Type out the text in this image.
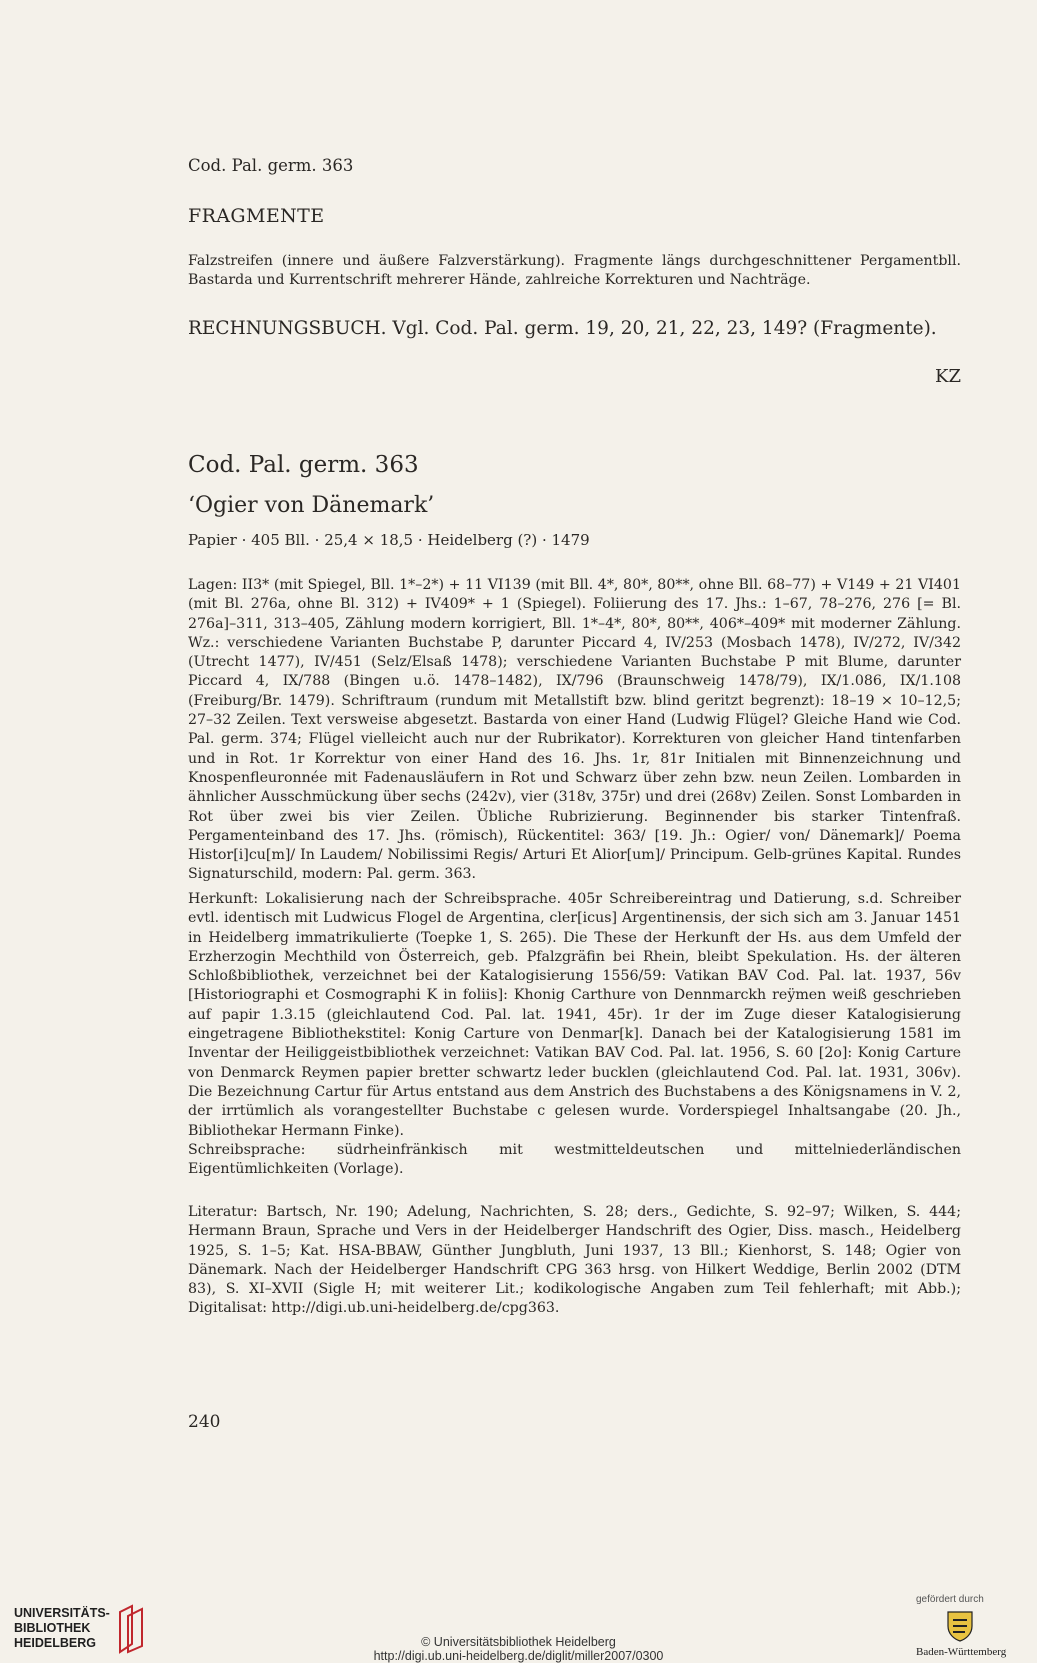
Cod. Pal. germ. 363
FRAGMENTE
Falzstreifen (innere und äußere Falzverstärkung). Fragmente längs durchgeschnittener Pergamentbll. Bastarda und Kurrentschrift mehrerer Hände, zahlreiche Korrekturen und Nachträge.
RECHNUNGSBUCH. Vgl. Cod. Pal. germ. 19, 20, 21, 22, 23, 149? (Fragmente).
KZ
Cod. Pal. germ. 363
‘Ogier von Dänemark’
Papier · 405 Bll. · 25,4 × 18,5 · Heidelberg (?) · 1479
Lagen: II3* (mit Spiegel, Bll. 1*–2*) + 11 VI139 (mit Bll. 4*, 80*, 80**, ohne Bll. 68–77) + V149 + 21 VI401 (mit Bl. 276a, ohne Bl. 312) + IV409* + 1 (Spiegel). Foliierung des 17. Jhs.: 1–67, 78–276, 276 [= Bl. 276a]–311, 313–405, Zählung modern korrigiert, Bll. 1*–4*, 80*, 80**, 406*–409* mit moderner Zählung. Wz.: verschiedene Varianten Buchstabe P, darunter Piccard 4, IV/253 (Mosbach 1478), IV/272, IV/342 (Utrecht 1477), IV/451 (Selz/Elsaß 1478); verschiedene Varianten Buchstabe P mit Blume, darunter Piccard 4, IX/788 (Bingen u.ö. 1478–1482), IX/796 (Braunschweig 1478/79), IX/1.086, IX/1.108 (Freiburg/Br. 1479). Schriftraum (rundum mit Metallstift bzw. blind geritzt begrenzt): 18–19 × 10–12,5; 27–32 Zeilen. Text versweise abgesetzt. Bastarda von einer Hand (Ludwig Flügel? Gleiche Hand wie Cod. Pal. germ. 374; Flügel vielleicht auch nur der Rubrikator). Korrekturen von gleicher Hand tintenfarben und in Rot. 1r Korrektur von einer Hand des 16. Jhs. 1r, 81r Initialen mit Binnenzeichnung und Knospenfleuronnée mit Fadenausläufern in Rot und Schwarz über zehn bzw. neun Zeilen. Lombarden in ähnlicher Ausschmückung über sechs (242v), vier (318v, 375r) und drei (268v) Zeilen. Sonst Lombarden in Rot über zwei bis vier Zeilen. Übliche Rubrizierung. Beginnender bis starker Tintenfraß. Pergamenteinband des 17. Jhs. (römisch), Rückentitel: 363/ [19. Jh.: Ogier/ von/ Dänemark]/ Poema Histor[i]cu[m]/ In Laudem/ Nobilissimi Regis/ Arturi Et Alior[um]/ Principum. Gelb-grünes Kapital. Rundes Signaturschild, modern: Pal. germ. 363.
Herkunft: Lokalisierung nach der Schreibsprache. 405r Schreibereintrag und Datierung, s.d. Schreiber evtl. identisch mit Ludwicus Flogel de Argentina, cler[icus] Argentinensis, der sich sich am 3. Januar 1451 in Heidelberg immatrikulierte (Toepke 1, S. 265). Die These der Herkunft der Hs. aus dem Umfeld der Erzherzogin Mechthild von Österreich, geb. Pfalzgräfin bei Rhein, bleibt Spekulation. Hs. der älteren Schloßbibliothek, verzeichnet bei der Katalogisierung 1556/59: Vatikan BAV Cod. Pal. lat. 1937, 56v [Historiographi et Cosmographi K in foliis]: Khonig Carthure von Dennmarckh reÿmen weiß geschrieben auf papir 1.3.15 (gleichlautend Cod. Pal. lat. 1941, 45r). 1r der im Zuge dieser Katalogisierung eingetragene Bibliothekstitel: Konig Carture von Denmar[k]. Danach bei der Katalogisierung 1581 im Inventar der Heiliggeistbibliothek verzeichnet: Vatikan BAV Cod. Pal. lat. 1956, S. 60 [2o]: Konig Carture von Denmarck Reymen papier bretter schwartz leder bucklen (gleichlautend Cod. Pal. lat. 1931, 306v). Die Bezeichnung Cartur für Artus entstand aus dem Anstrich des Buchstabens a des Königsnamens in V. 2, der irrtümlich als vorangestellter Buchstabe c gelesen wurde. Vorderspiegel Inhaltsangabe (20. Jh., Bibliothekar Hermann Finke).
Schreibsprache: südrheinfränkisch mit westmitteldeutschen und mittelniederländischen Eigentümlichkeiten (Vorlage).
Literatur: Bartsch, Nr. 190; Adelung, Nachrichten, S. 28; ders., Gedichte, S. 92–97; Wilken, S. 444; Hermann Braun, Sprache und Vers in der Heidelberger Handschrift des Ogier, Diss. masch., Heidelberg 1925, S. 1–5; Kat. HSA-BBAW, Günther Jungbluth, Juni 1937, 13 Bll.; Kienhorst, S. 148; Ogier von Dänemark. Nach der Heidelberger Handschrift CPG 363 hrsg. von Hilkert Weddige, Berlin 2002 (DTM 83), S. XI–XVII (Sigle H; mit weiterer Lit.; kodikologische Angaben zum Teil fehlerhaft; mit Abb.); Digitalisat: http://digi.ub.uni-heidelberg.de/cpg363.
240
UNIVERSITÄTS-
BIBLIOTHEK
HEIDELBERG	© Universitätsbibliothek Heidelberg
http://digi.ub.uni-heidelberg.de/diglit/miller2007/0300
gefördert durch
Baden-Württemberg
